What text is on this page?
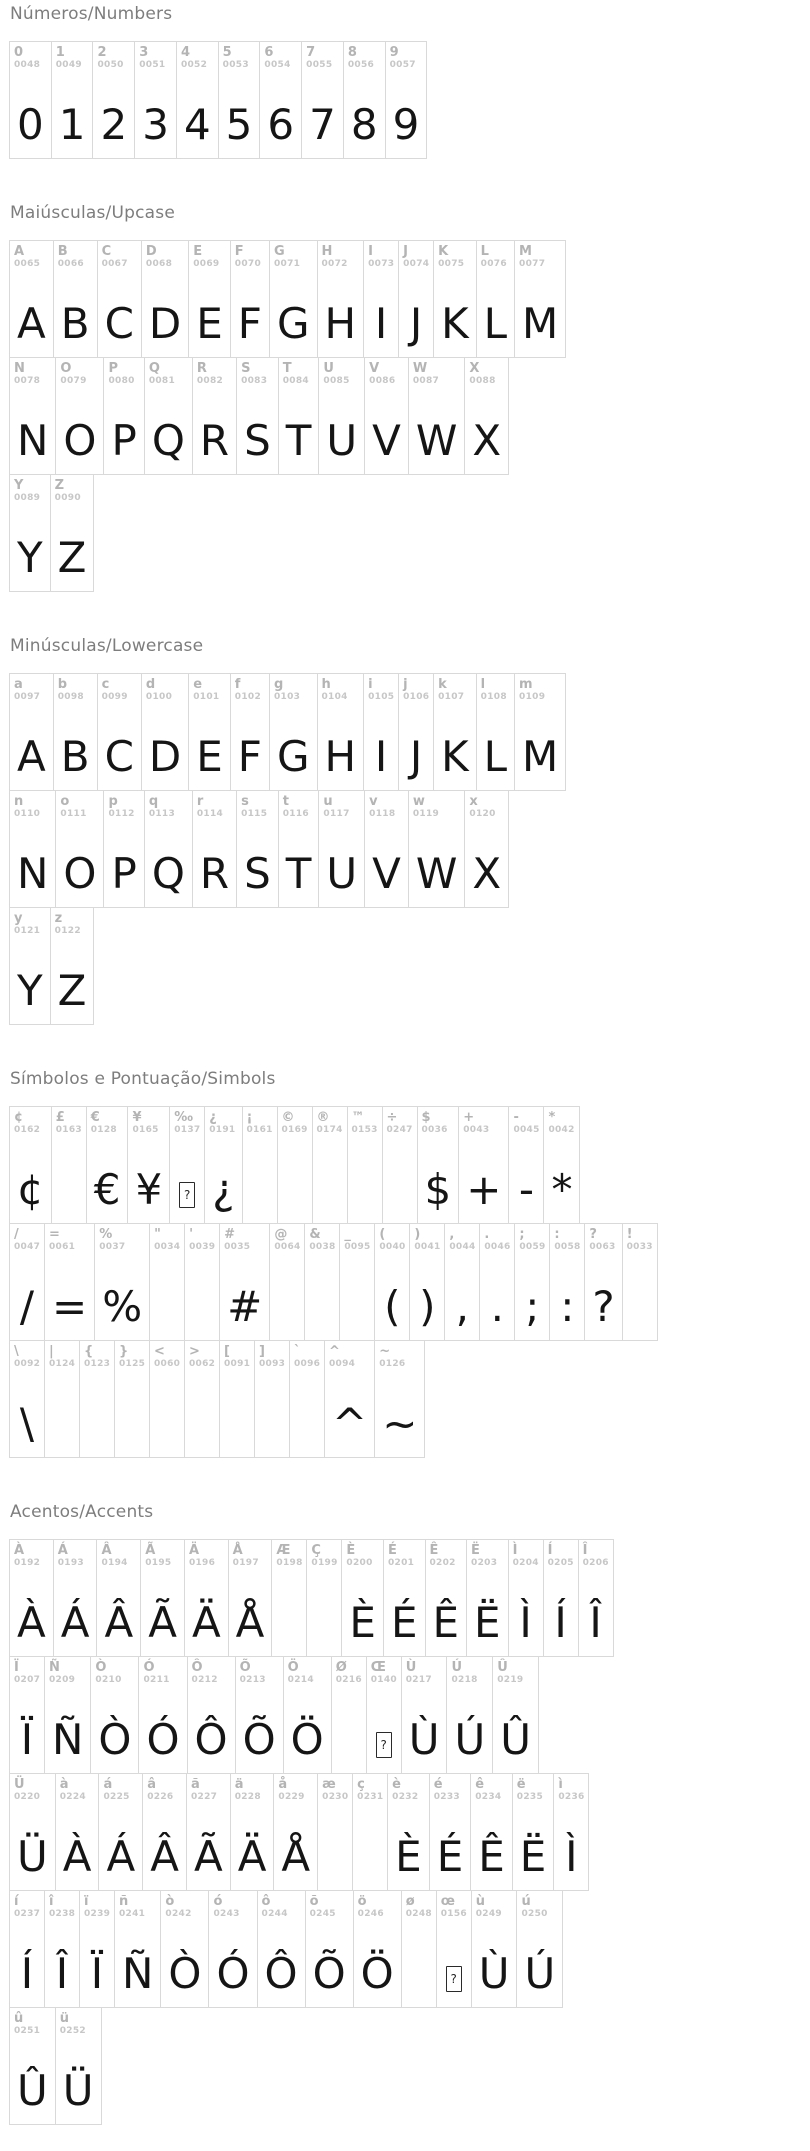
Números/Numbers
0
0048
0
1
0049
1
2
0050
2
3
0051
3
4
0052
4
5
0053
5
6
0054
6
7
0055
7
8
0056
8
9
0057
9
Maiúsculas/Upcase
A
0065
A
B
0066
B
C
0067
C
D
0068
D
E
0069
E
F
0070
F
G
0071
G
H
0072
H
I
0073
I
J
0074
J
K
0075
K
L
0076
L
M
0077
M
N
0078
N
O
0079
O
P
0080
P
Q
0081
Q
R
0082
R
S
0083
S
T
0084
T
U
0085
U
V
0086
V
W
0087
W
X
0088
X
Y
0089
Y
Z
0090
Z
Minúsculas/Lowercase
a
0097
A
b
0098
B
c
0099
C
d
0100
D
e
0101
E
f
0102
F
g
0103
G
h
0104
H
i
0105
I
j
0106
J
k
0107
K
l
0108
L
m
0109
M
n
0110
N
o
0111
O
p
0112
P
q
0113
Q
r
0114
R
s
0115
S
t
0116
T
u
0117
U
v
0118
V
w
0119
W
x
0120
X
y
0121
Y
z
0122
Z
Símbolos e Pontuação/Simbols
¢
0162
¢
£
0163
€
0128
€
¥
0165
¥
‰
0137
?
¿
0191
¿
¡
0161
©
0169
®
0174
™
0153
÷
0247
$
0036
$
+
0043
+
-
0045
-
*
0042
*
/
0047
/
=
0061
=
%
0037
%
"
0034
'
0039
#
0035
#
@
0064
&
0038
_
0095
(
0040
(
)
0041
)
,
0044
,
.
0046
.
;
0059
;
:
0058
:
?
0063
?
!
0033
\
0092
\
|
0124
{
0123
}
0125
<
0060
>
0062
[
0091
]
0093
`
0096
^
0094
^
~
0126
~
Acentos/Accents
À
0192
À
Á
0193
Á
Â
0194
Â
Ã
0195
Ã
Ä
0196
Ä
Å
0197
Å
Æ
0198
Ç
0199
È
0200
È
É
0201
É
Ê
0202
Ê
Ë
0203
Ë
Ì
0204
Ì
Í
0205
Í
Î
0206
Î
Ï
0207
Ï
Ñ
0209
Ñ
Ò
0210
Ò
Ó
0211
Ó
Ô
0212
Ô
Õ
0213
Õ
Ö
0214
Ö
Ø
0216
Œ
0140
?
Ù
0217
Ù
Ú
0218
Ú
Û
0219
Û
Ü
0220
Ü
à
0224
À
á
0225
Á
â
0226
Â
ã
0227
Ã
ä
0228
Ä
å
0229
Å
æ
0230
ç
0231
è
0232
È
é
0233
É
ê
0234
Ê
ë
0235
Ë
ì
0236
Ì
í
0237
Í
î
0238
Î
ï
0239
Ï
ñ
0241
Ñ
ò
0242
Ò
ó
0243
Ó
ô
0244
Ô
õ
0245
Õ
ö
0246
Ö
ø
0248
œ
0156
?
ù
0249
Ù
ú
0250
Ú
û
0251
Û
ü
0252
Ü
